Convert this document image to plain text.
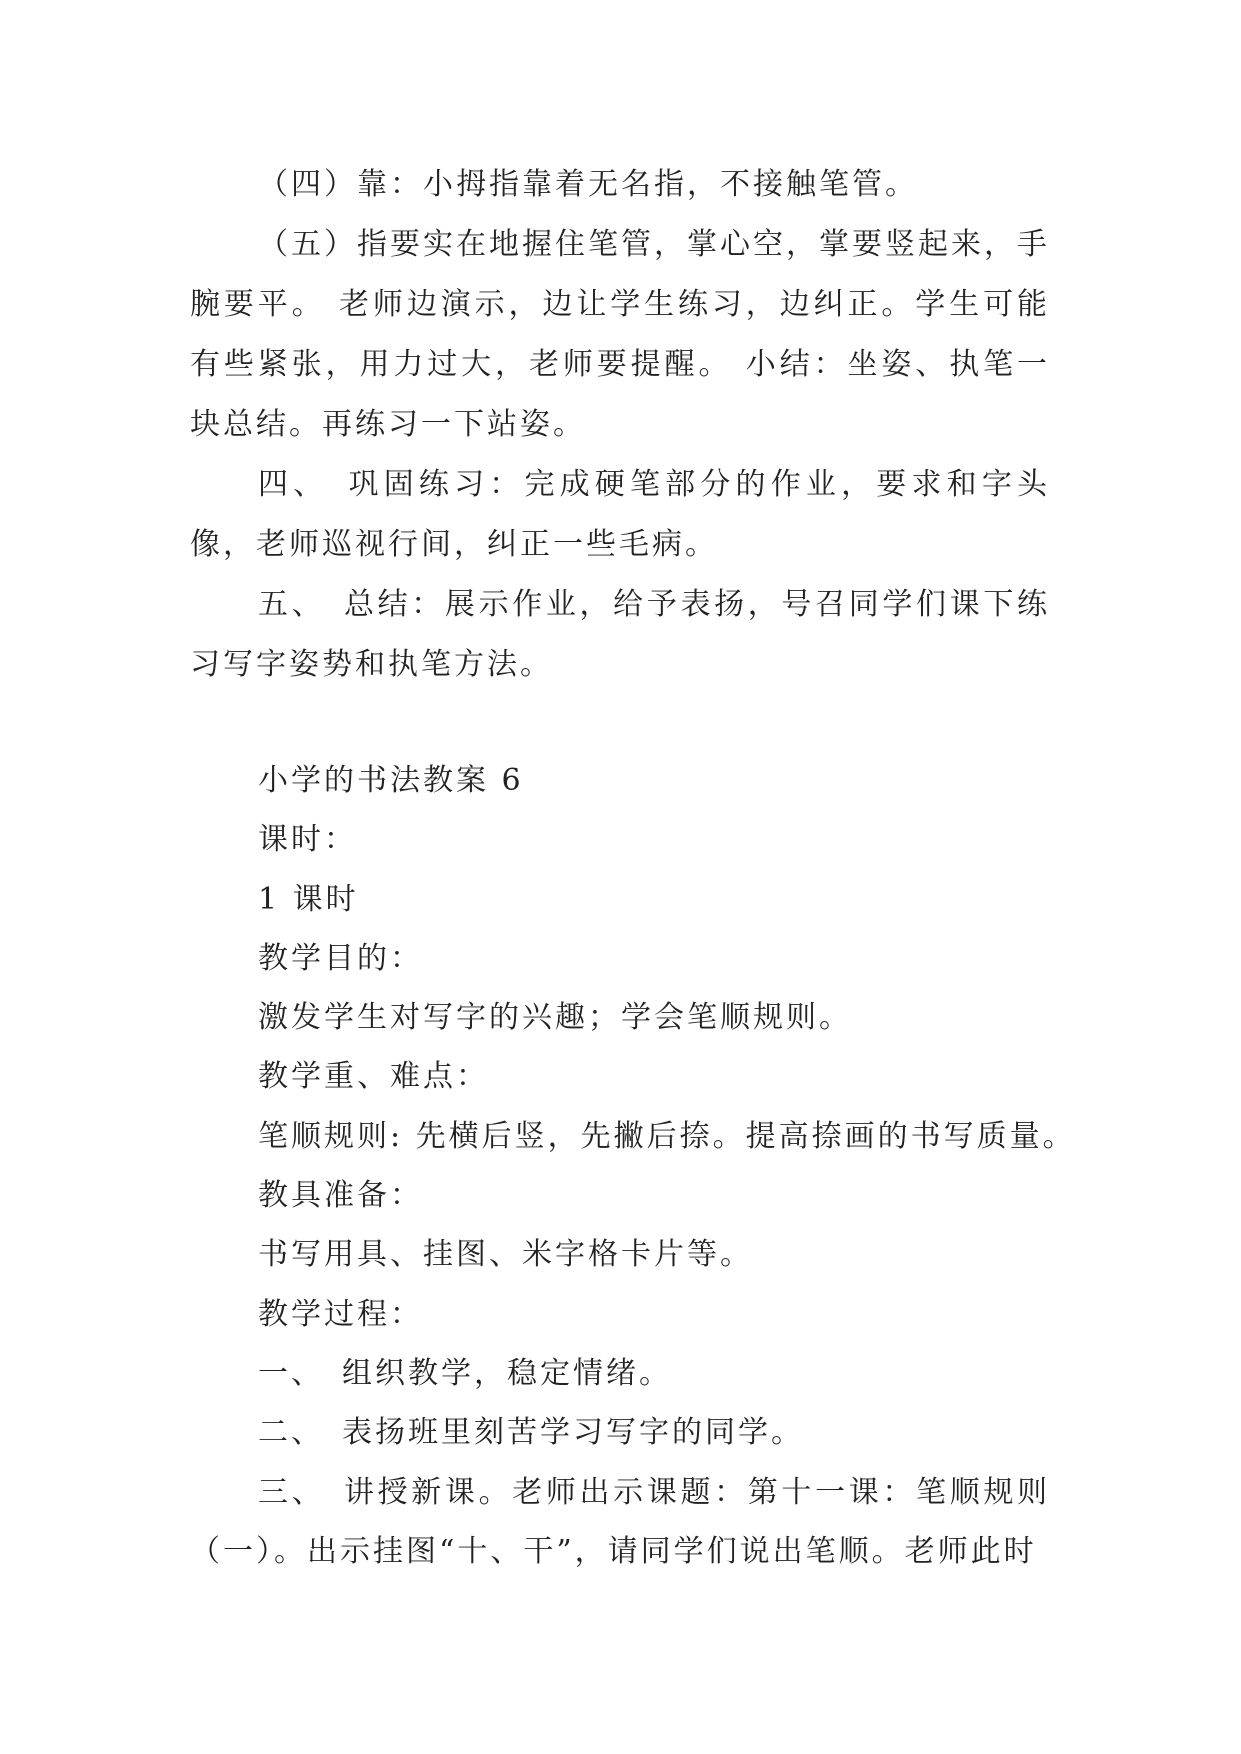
（四）靠：小拇指靠着无名指，不接触笔管。

（五）指要实在地握住笔管，掌心空，掌要竖起来，手腕要平。 老师边演示，边让学生练习，边纠正。学生可能有些紧张，用力过大，老师要提醒。 小结：坐姿、执笔一块总结。再练习一下站姿。

四、　巩固练习：完成硬笔部分的作业，要求和字头像，老师巡视行间，纠正一些毛病。

五、　总结：展示作业，给予表扬，号召同学们课下练习写字姿势和执笔方法。

小学的书法教案 6

课时：

1 课时

教学目的：

激发学生对写字的兴趣；学会笔顺规则。

教学重、难点：

笔顺规则: 先横后竖，先撇后捺。提高捺画的书写质量。

教具准备：

书写用具、挂图、米字格卡片等。

教学过程：

一、　组织教学，稳定情绪。

二、　表扬班里刻苦学习写字的同学。

三、　讲授新课。老师出示课题：第十一课：笔顺规则（一）。出示挂图“十、干”，请同学们说出笔顺。老师此时
